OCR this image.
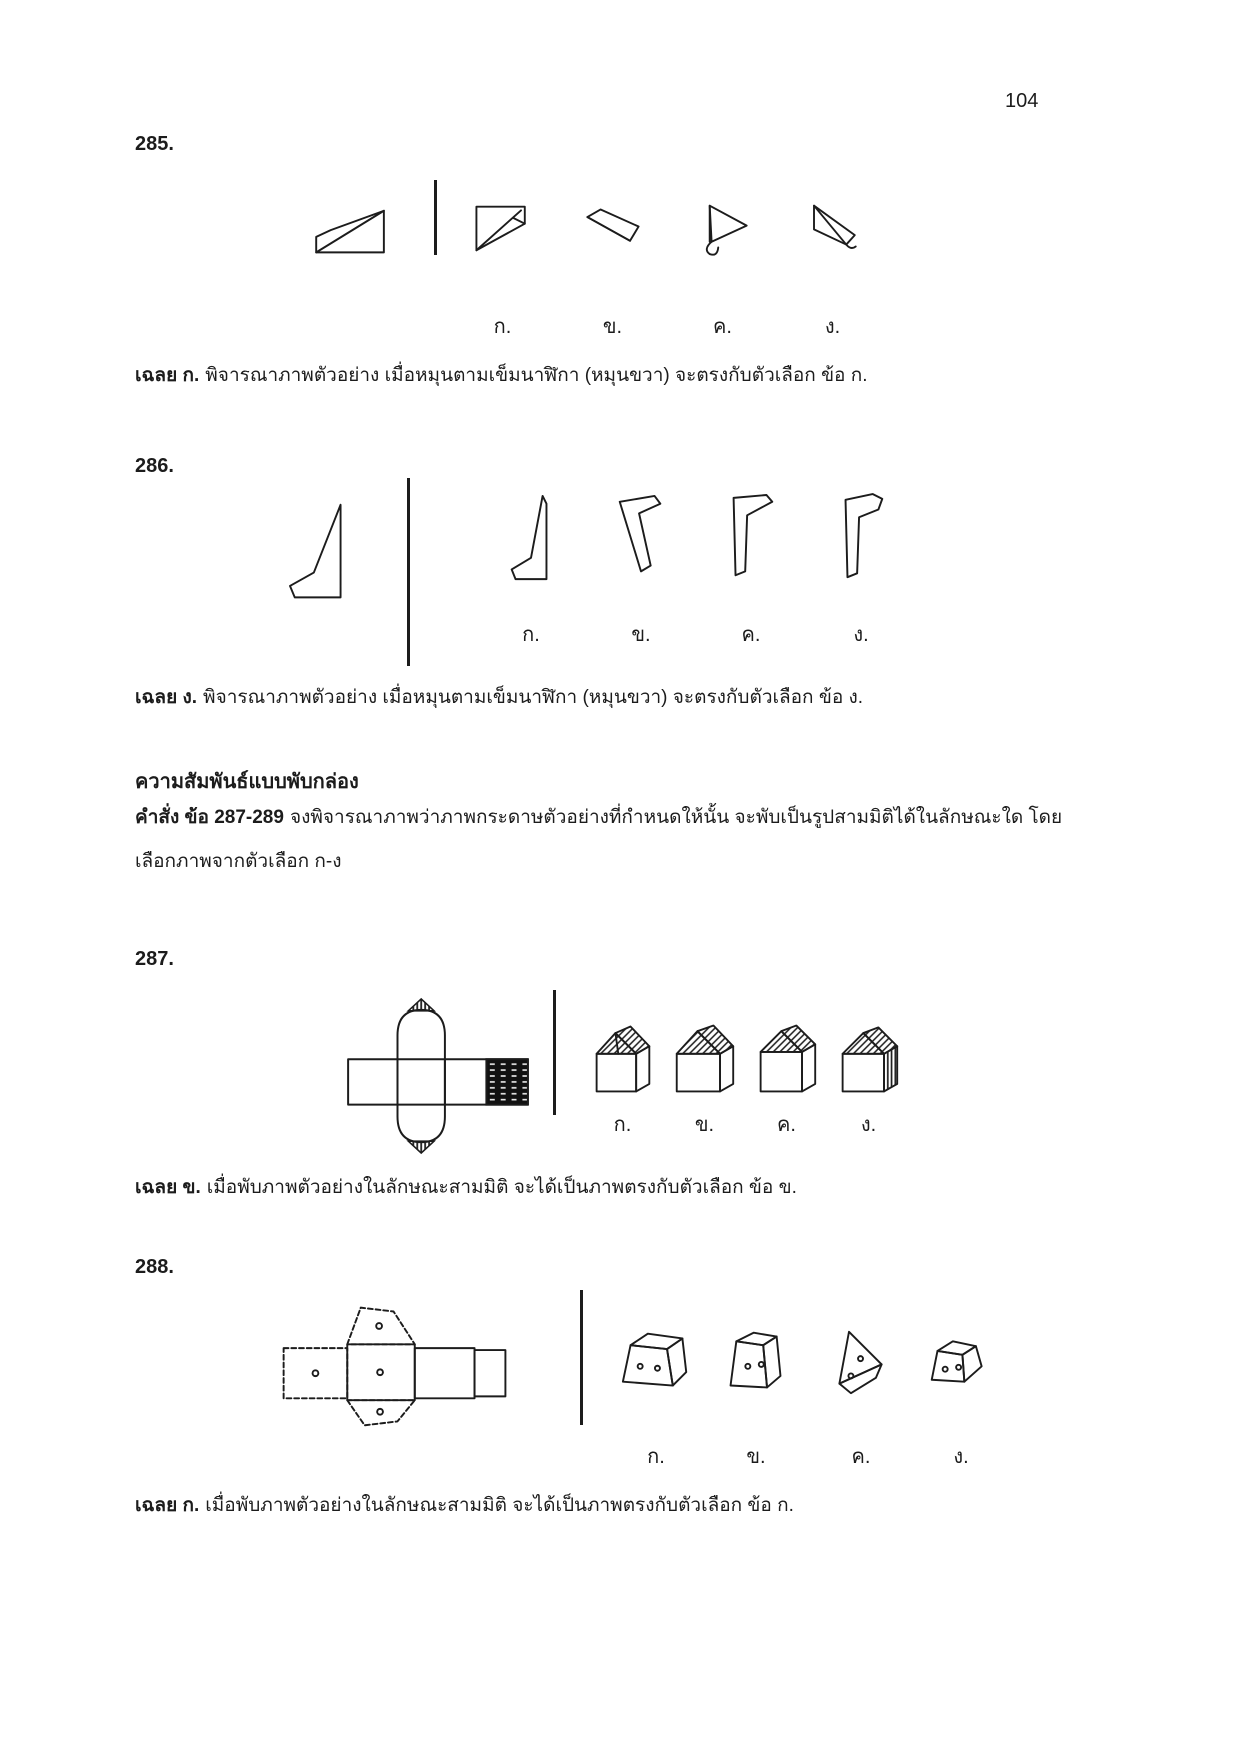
104
285.
ก.	ข.	ค.	ง.
เฉลย ก. พิจารณาภาพตัวอย่าง เมื่อหมุนตามเข็มนาฬิกา (หมุนขวา) จะตรงกับตัวเลือก ข้อ ก.
286.
ก.	ข.	ค.	ง.
เฉลย ง. พิจารณาภาพตัวอย่าง เมื่อหมุนตามเข็มนาฬิกา (หมุนขวา) จะตรงกับตัวเลือก ข้อ ง.
ความสัมพันธ์แบบพับกล่อง
คำสั่ง ข้อ 287-289 จงพิจารณาภาพว่าภาพกระดาษตัวอย่างที่กำหนดให้นั้น จะพับเป็นรูปสามมิติได้ในลักษณะใด โดย
เลือกภาพจากตัวเลือก ก-ง
287.
ก.	ข.	ค.	ง.
เฉลย ข. เมื่อพับภาพตัวอย่างในลักษณะสามมิติ จะได้เป็นภาพตรงกับตัวเลือก ข้อ ข.
288.
ก.	ข.	ค.	ง.
เฉลย ก. เมื่อพับภาพตัวอย่างในลักษณะสามมิติ จะได้เป็นภาพตรงกับตัวเลือก ข้อ ก.
